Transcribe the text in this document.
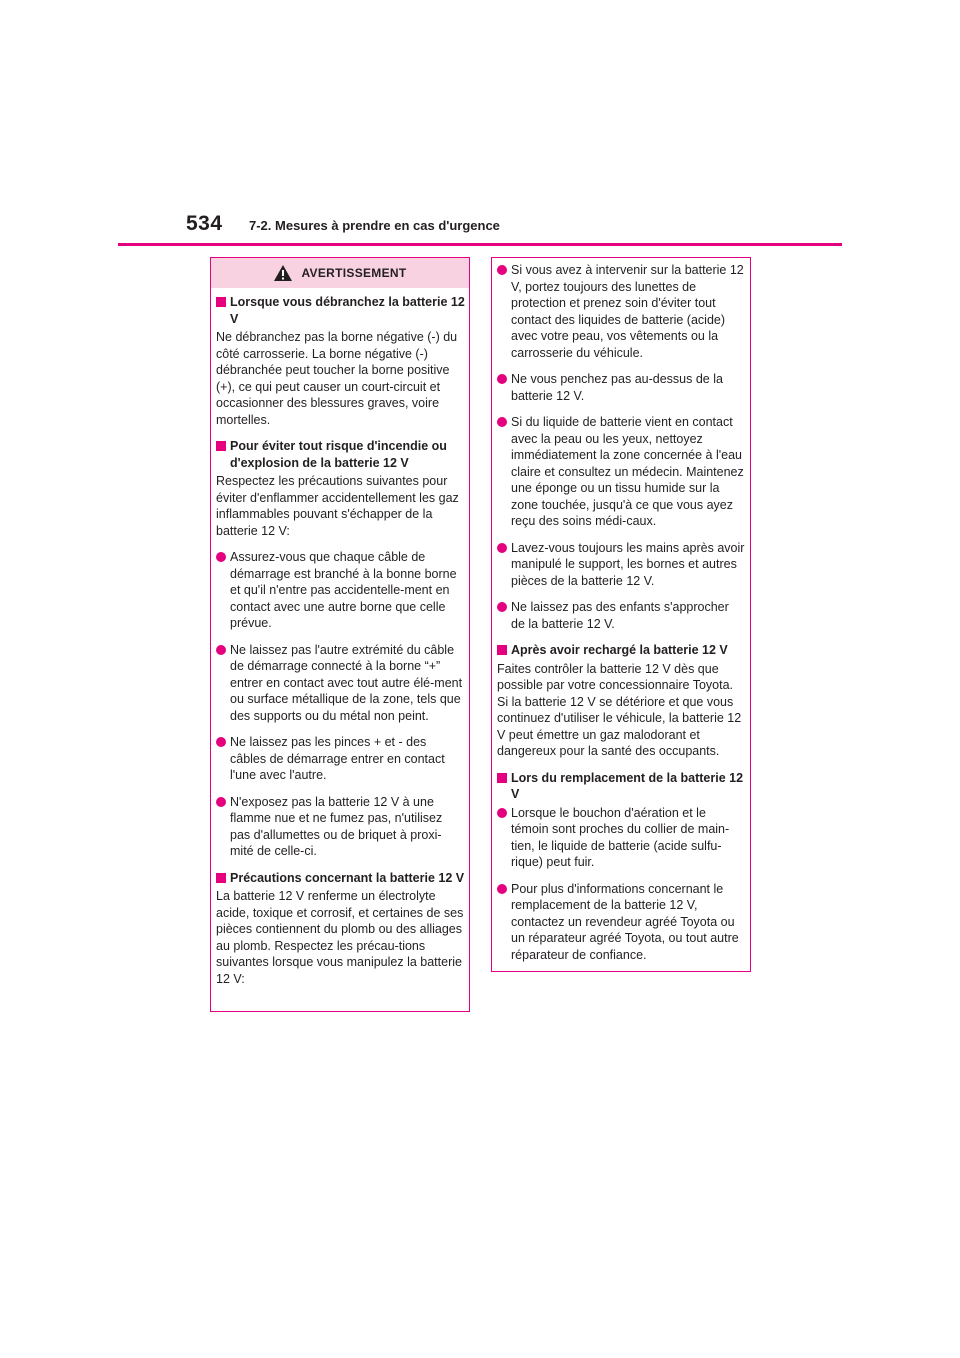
534 7-2. Mesures à prendre en cas d'urgence
AVERTISSEMENT

Lorsque vous débranchez la batterie 12 V

Ne débranchez pas la borne négative (-) du côté carrosserie. La borne négative (-) débranchée peut toucher la borne positive (+), ce qui peut causer un court-circuit et occasionner des blessures graves, voire mortelles.

Pour éviter tout risque d'incendie ou d'explosion de la batterie 12 V

Respectez les précautions suivantes pour éviter d'enflammer accidentellement les gaz inflammables pouvant s'échapper de la batterie 12 V:

Assurez-vous que chaque câble de démarrage est branché à la bonne borne et qu'il n'entre pas accidentelle-ment en contact avec une autre borne que celle prévue.

Ne laissez pas l'autre extrémité du câble de démarrage connecté à la borne “+” entrer en contact avec tout autre élé-ment ou surface métallique de la zone, tels que des supports ou du métal non peint.

Ne laissez pas les pinces + et - des câbles de démarrage entrer en contact l'une avec l'autre.

N'exposez pas la batterie 12 V à une flamme nue et ne fumez pas, n'utilisez pas d'allumettes ou de briquet à proxi-mité de celle-ci.

Précautions concernant la batterie 12 V

La batterie 12 V renferme un électrolyte acide, toxique et corrosif, et certaines de ses pièces contiennent du plomb ou des alliages au plomb. Respectez les précau-tions suivantes lorsque vous manipulez la batterie 12 V:

Si vous avez à intervenir sur la batterie 12 V, portez toujours des lunettes de protection et prenez soin d'éviter tout contact des liquides de batterie (acide) avec votre peau, vos vêtements ou la carrosserie du véhicule.

Ne vous penchez pas au-dessus de la batterie 12 V.

Si du liquide de batterie vient en contact avec la peau ou les yeux, nettoyez immédiatement la zone concernée à l'eau claire et consultez un médecin. Maintenez une éponge ou un tissu humide sur la zone touchée, jusqu'à ce que vous ayez reçu des soins médi-caux.

Lavez-vous toujours les mains après avoir manipulé le support, les bornes et autres pièces de la batterie 12 V.

Ne laissez pas des enfants s'approcher de la batterie 12 V.

Après avoir rechargé la batterie 12 V

Faites contrôler la batterie 12 V dès que possible par votre concessionnaire Toyota. Si la batterie 12 V se détériore et que vous continuez d'utiliser le véhicule, la batterie 12 V peut émettre un gaz malodorant et dangereux pour la santé des occupants.

Lors du remplacement de la batterie 12 V

Lorsque le bouchon d'aération et le témoin sont proches du collier de main-tien, le liquide de batterie (acide sulfu-rique) peut fuir.

Pour plus d'informations concernant le remplacement de la batterie 12 V, contactez un revendeur agréé Toyota ou un réparateur agréé Toyota, ou tout autre réparateur de confiance.
